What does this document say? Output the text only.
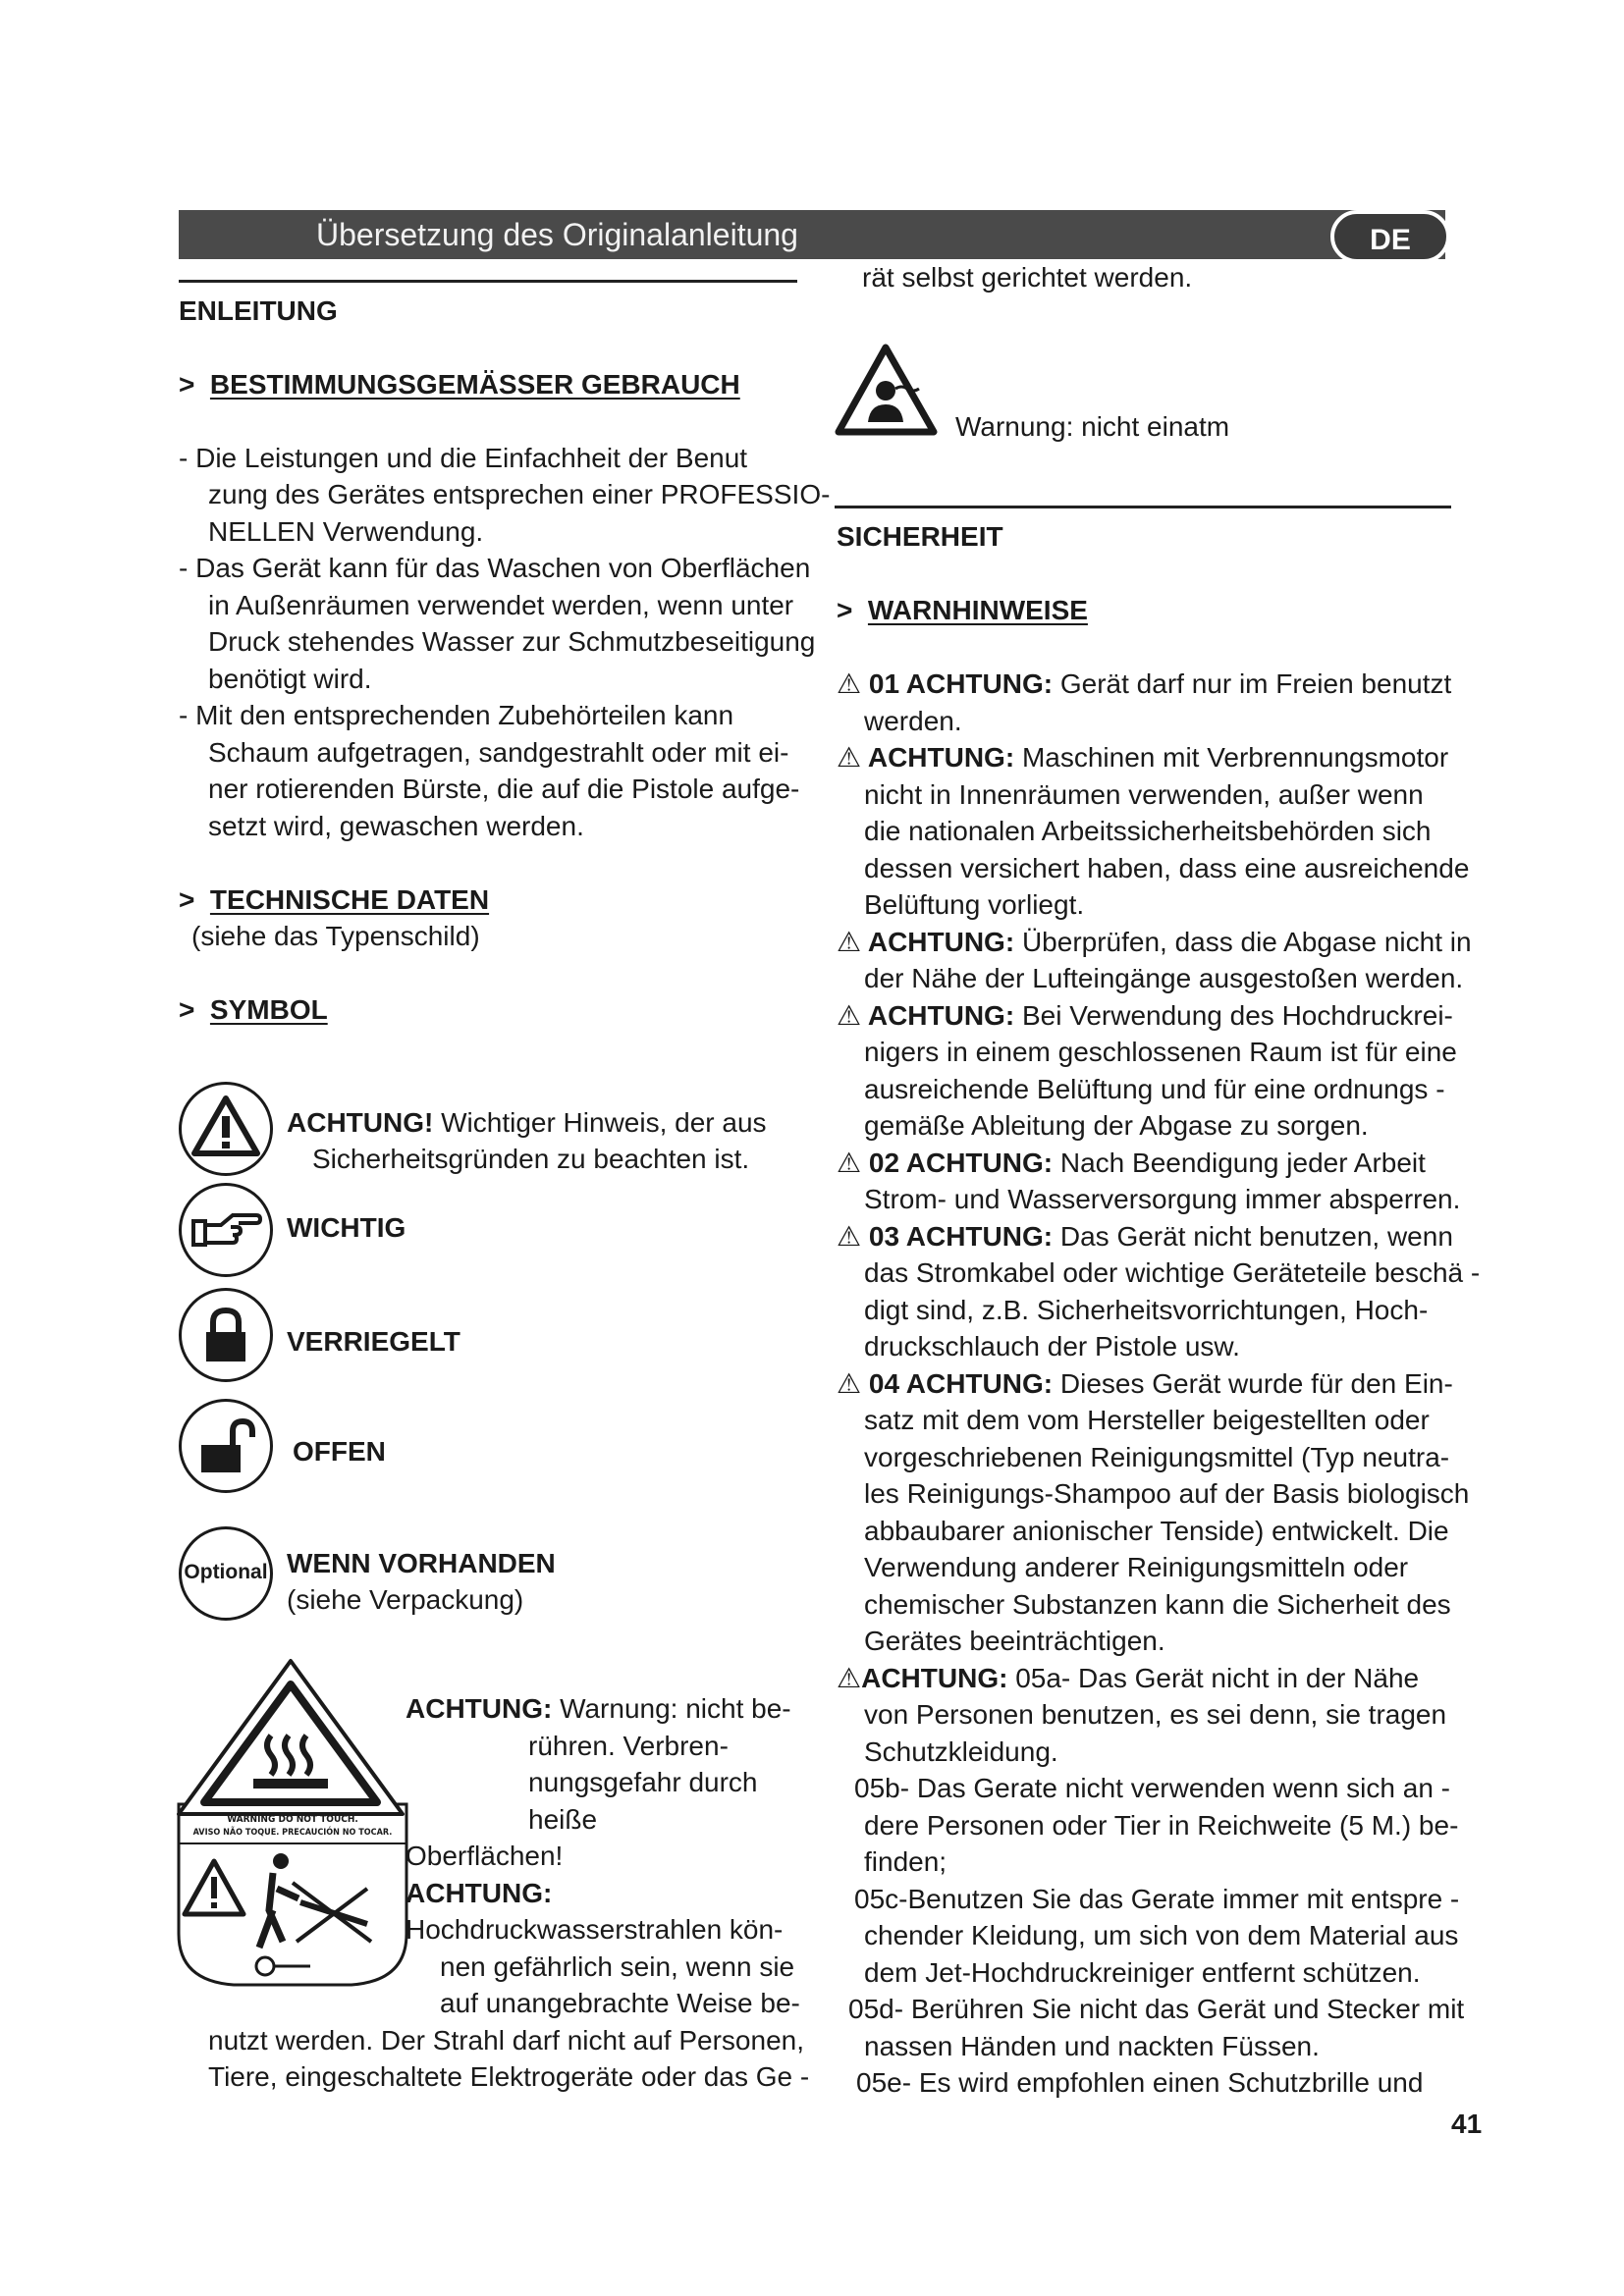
Übersetzung des Originalanleitung	DE
ENLEITUNG
> BESTIMMUNGSGEMÄSSER GEBRAUCH
- Die Leistungen und die Einfachheit der Benut
zung des Gerätes entsprechen einer PROFESSIO-
NELLEN Verwendung.
- Das Gerät kann für das Waschen von Oberflächen
in Außenräumen verwendet werden, wenn unter
Druck stehendes Wasser zur Schmutzbeseitigung
benötigt wird.
- Mit den entsprechenden Zubehörteilen kann
Schaum aufgetragen, sandgestrahlt oder mit ei-
ner rotierenden Bürste, die auf die Pistole aufge-
setzt wird, gewaschen werden.
> TECHNISCHE DATEN
(siehe das Typenschild)
> SYMBOL
ACHTUNG! Wichtiger Hinweis, der aus
Sicherheitsgründen zu beachten ist.
WICHTIG
VERRIEGELT
OFFEN
Optional WENN VORHANDEN
(siehe Verpackung)
WARNING DO NOT TOUCH.
AVISO NÃO TOQUE. PRECAUCIÓN NO TOCAR.
ACHTUNG: Warnung: nicht be-
rühren. Verbren-
nungsgefahr durch
heiße
Oberflächen!
ACHTUNG:
Hochdruckwasserstrahlen kön-
nen gefährlich sein, wenn sie
auf unangebrachte Weise be-
nutzt werden. Der Strahl darf nicht auf Personen,
Tiere, eingeschaltete Elektrogeräte oder das Ge -
rät selbst gerichtet werden.
Warnung: nicht einatm
SICHERHEIT
> WARNHINWEISE
⚠ 01 ACHTUNG: Gerät darf nur im Freien benutzt
werden.
⚠ ACHTUNG: Maschinen mit Verbrennungsmotor
nicht in Innenräumen verwenden, außer wenn
die nationalen Arbeitssicherheitsbehörden sich
dessen versichert haben, dass eine ausreichende
Belüftung vorliegt.
⚠ ACHTUNG: Überprüfen, dass die Abgase nicht in
der Nähe der Lufteingänge ausgestoßen werden.
⚠ ACHTUNG: Bei Verwendung des Hochdruckrei-
nigers in einem geschlossenen Raum ist für eine
ausreichende Belüftung und für eine ordnungs -
gemäße Ableitung der Abgase zu sorgen.
⚠ 02 ACHTUNG: Nach Beendigung jeder Arbeit
Strom- und Wasserversorgung immer absperren.
⚠ 03 ACHTUNG: Das Gerät nicht benutzen, wenn
das Stromkabel oder wichtige Geräteteile beschä -
digt sind, z.B. Sicherheitsvorrichtungen, Hoch-
druckschlauch der Pistole usw.
⚠ 04 ACHTUNG: Dieses Gerät wurde für den Ein-
satz mit dem vom Hersteller beigestellten oder
vorgeschriebenen Reinigungsmittel (Typ neutra-
les Reinigungs-Shampoo auf der Basis biologisch
abbaubarer anionischer Tenside) entwickelt. Die
Verwendung anderer Reinigungsmitteln oder
chemischer Substanzen kann die Sicherheit des
Gerätes beeinträchtigen.
⚠ACHTUNG: 05a- Das Gerät nicht in der Nähe
von Personen benutzen, es sei denn, sie tragen
Schutzkleidung.
05b- Das Gerate nicht verwenden wenn sich an -
dere Personen oder Tier in Reichweite (5 M.) be-
finden;
05c-Benutzen Sie das Gerate immer mit entspre -
chender Kleidung, um sich von dem Material aus
dem Jet-Hochdruckreiniger entfernt schützen.
05d- Berühren Sie nicht das Gerät und Stecker mit
nassen Händen und nackten Füssen.
05e- Es wird empfohlen einen Schutzbrille und
41
